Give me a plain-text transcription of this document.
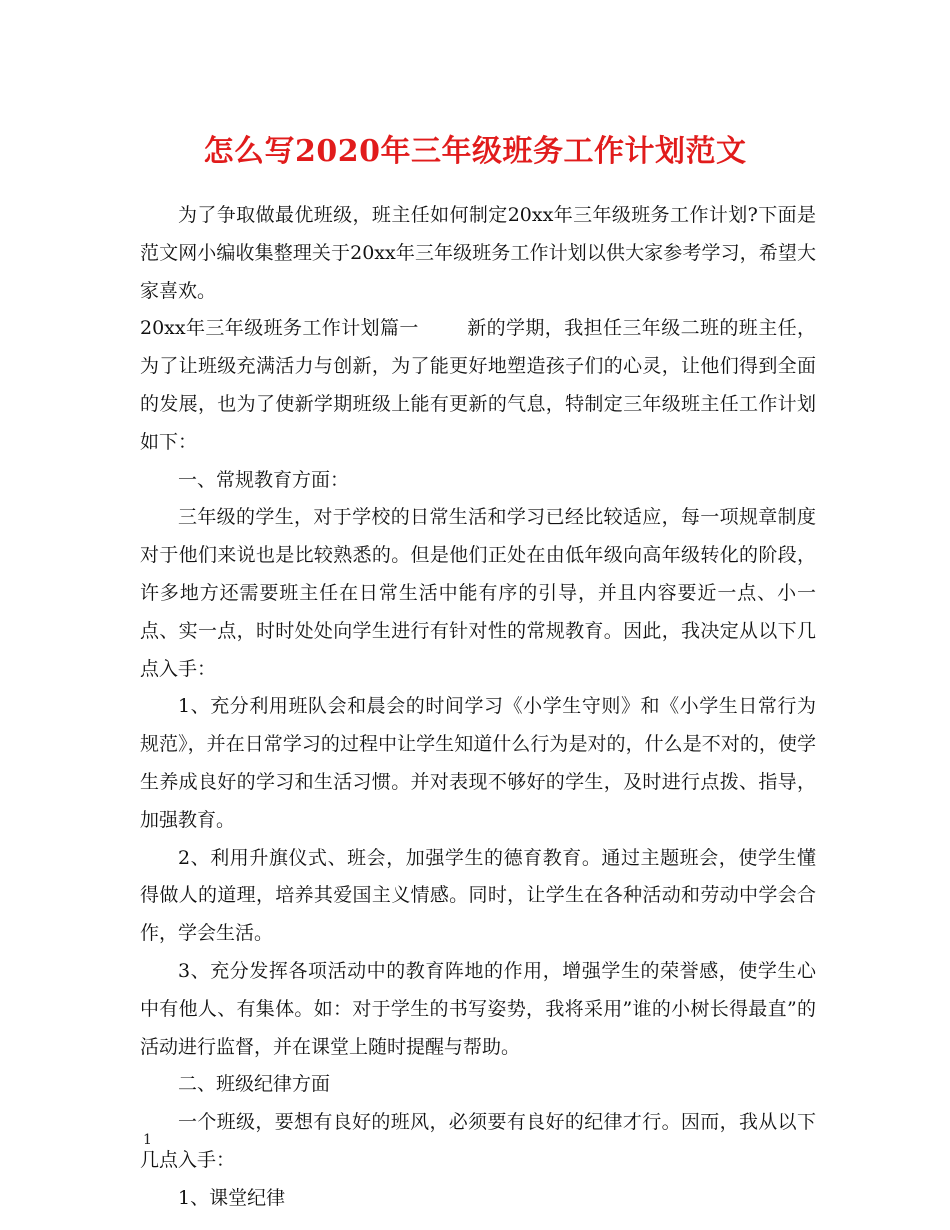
怎么写2020年三年级班务工作计划范文

为了争取做最优班级，班主任如何制定20xx年三年级班务工作计划?下面是范文网小编收集整理关于20xx年三年级班务工作计划以供大家参考学习，希望大家喜欢。

20xx年三年级班务工作计划篇一	新的学期，我担任三年级二班的班主任，为了让班级充满活力与创新，为了能更好地塑造孩子们的心灵，让他们得到全面的发展，也为了使新学期班级上能有更新的气息，特制定三年级班主任工作计划如下：

一、常规教育方面：

三年级的学生，对于学校的日常生活和学习已经比较适应，每一项规章制度对于他们来说也是比较熟悉的。但是他们正处在由低年级向高年级转化的阶段，许多地方还需要班主任在日常生活中能有序的引导，并且内容要近一点、小一点、实一点，时时处处向学生进行有针对性的常规教育。因此，我决定从以下几点入手：

1、充分利用班队会和晨会的时间学习《小学生守则》和《小学生日常行为规范》，并在日常学习的过程中让学生知道什么行为是对的，什么是不对的，使学生养成良好的学习和生活习惯。并对表现不够好的学生，及时进行点拨、指导，加强教育。

2、利用升旗仪式、班会，加强学生的德育教育。通过主题班会，使学生懂得做人的道理，培养其爱国主义情感。同时，让学生在各种活动和劳动中学会合作，学会生活。

3、充分发挥各项活动中的教育阵地的作用，增强学生的荣誉感，使学生心中有他人、有集体。如：对于学生的书写姿势，我将采用”谁的小树长得最直”的活动进行监督，并在课堂上随时提醒与帮助。

二、班级纪律方面

一个班级，要想有良好的班风，必须要有良好的纪律才行。因而，我从以下几点入手：

1、课堂纪律

1
